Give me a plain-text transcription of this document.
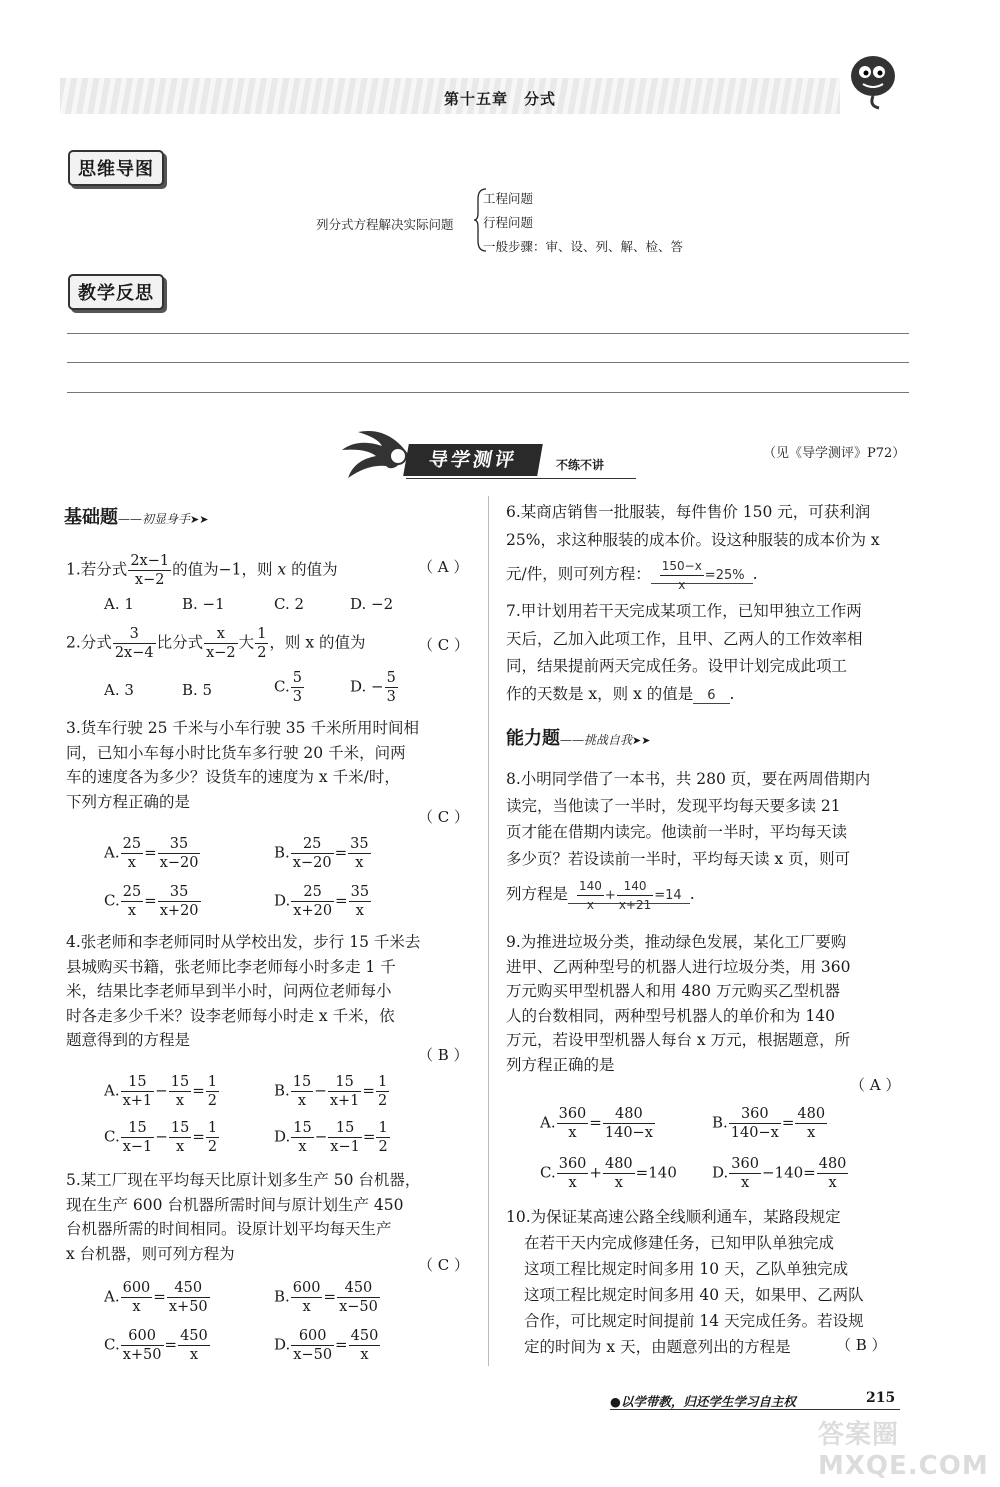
第十五章　分式
思维导图
列分式方程解决实际问题
工程问题
行程问题
一般步骤：审、设、列、解、检、答
教学反思
导学测评	不练不讲
（见《导学测评》P72）
基础题——初显身手➤➤
1.若分式 $\frac{2x-1}{x-2}$ 的值为−1，则 x 的值为	（ A ）
A. 1	B. −1	C. 2	D. −2
2.分式 $\frac{3}{2x-4}$ 比分式 $\frac{x}{x-2}$ 大 $\frac{1}{2}$ ，则 x 的值为	（ C ）
A. 3	B. 5	C. $\frac{5}{3}$	D. − $\frac{5}{3}$
3.货车行驶 25 千米与小车行驶 35 千米所用时间相
同，已知小车每小时比货车多行驶 20 千米，问两
车的速度各为多少？设货车的速度为 x 千米/时，
下列方程正确的是
（ C ）
A. $\frac{25}{x} = \frac{35}{x-20}$	B. $\frac{25}{x-20} = \frac{35}{x}$
C. $\frac{25}{x} = \frac{35}{x+20}$	D. $\frac{25}{x+20} = \frac{35}{x}$
4.张老师和李老师同时从学校出发，步行 15 千米去
县城购买书籍，张老师比李老师每小时多走 1 千
米，结果比李老师早到半小时，问两位老师每小
时各走多少千米？设李老师每小时走 x 千米，依
题意得到的方程是
（ B ）
A. $\frac{15}{x+1} - \frac{15}{x} = \frac{1}{2}$	B. $\frac{15}{x} - \frac{15}{x+1} = \frac{1}{2}$
C. $\frac{15}{x-1} - \frac{15}{x} = \frac{1}{2}$	D. $\frac{15}{x} - \frac{15}{x-1} = \frac{1}{2}$
5.某工厂现在平均每天比原计划多生产 50 台机器，
现在生产 600 台机器所需时间与原计划生产 450
台机器所需的时间相同。设原计划平均每天生产
x 台机器，则可列方程为
（ C ）
A. $\frac{600}{x} = \frac{450}{x+50}$	B. $\frac{600}{x} = \frac{450}{x-50}$
C. $\frac{600}{x+50} = \frac{450}{x}$	D. $\frac{600}{x-50} = \frac{450}{x}$
6.某商店销售一批服装，每件售价 150 元，可获利润
25%，求这种服装的成本价。设这种服装的成本价为 x
元/件，则可列方程： $\frac{150-x}{x} =25\%$ .
7.甲计划用若干天完成某项工作，已知甲独立工作两
天后，乙加入此项工作，且甲、乙两人的工作效率相
同，结果提前两天完成任务。设甲计划完成此项工
作的天数是 x，则 x 的值是 6 .
能力题——挑战自我➤➤
8.小明同学借了一本书，共 280 页，要在两周借期内
读完，当他读了一半时，发现平均每天要多读 21
页才能在借期内读完。他读前一半时，平均每天读
多少页？若设读前一半时，平均每天读 x 页，则可
列方程是 $\frac{140}{x} + \frac{140}{x+21} =14$ .
9.为推进垃圾分类，推动绿色发展，某化工厂要购
进甲、乙两种型号的机器人进行垃圾分类，用 360
万元购买甲型机器人和用 480 万元购买乙型机器
人的台数相同，两种型号机器人的单价和为 140
万元，若设甲型机器人每台 x 万元，根据题意，所
列方程正确的是
（ A ）
A. $\frac{360}{x} = \frac{480}{140-x}$	B. $\frac{360}{140-x} = \frac{480}{x}$
C. $\frac{360}{x} + \frac{480}{x} =140$ D. $\frac{360}{x} -140= \frac{480}{x}$
10.为保证某高速公路全线顺利通车，某路段规定
在若干天内完成修建任务，已知甲队单独完成
这项工程比规定时间多用 10 天，乙队单独完成
这项工程比规定时间多用 40 天，如果甲、乙两队
合作，可比规定时间提前 14 天完成任务。若设规
定的时间为 x 天，由题意列出的方程是	（ B ）
●以学带教，归还学生学习自主权	215
答案圈 MXQE.COM
